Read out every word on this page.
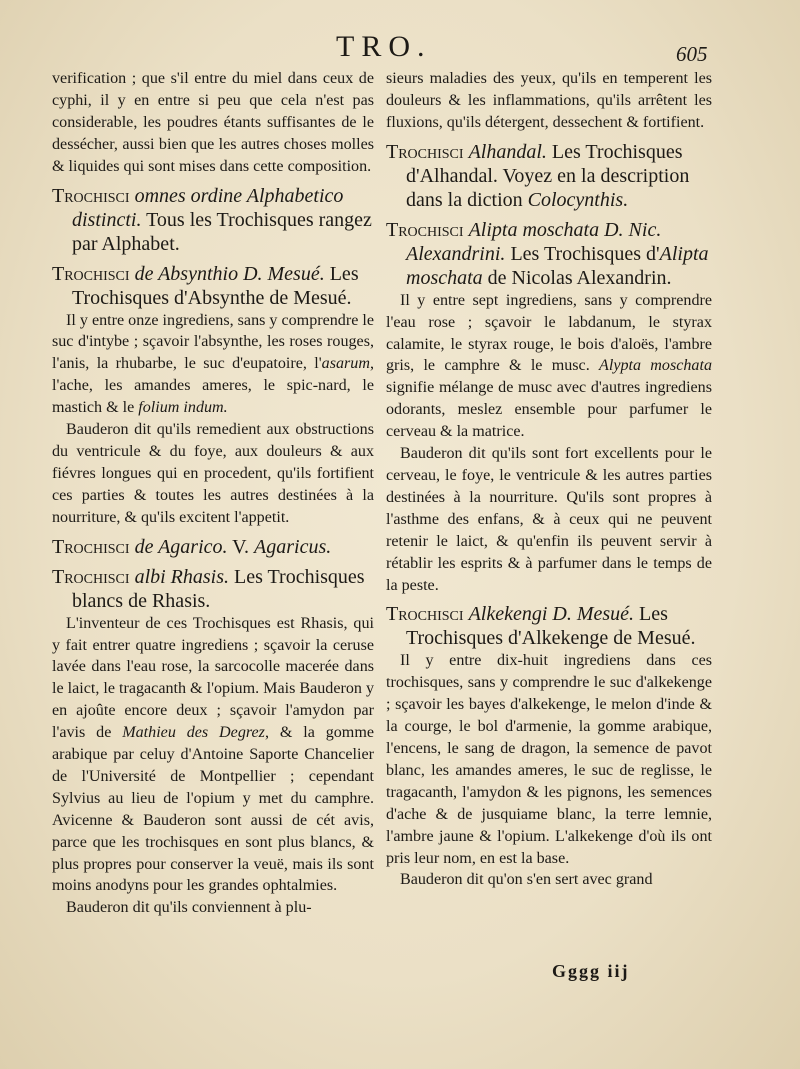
TRO.	605

verification ; que s'il entre du miel dans ceux de cyphi, il y en entre si peu que cela n'est pas considerable, les poudres étants suffisantes de le dessécher, aussi bien que les autres choses molles & liquides qui sont mises dans cette composition.

Trochisci omnes ordine Alphabetico distincti. Tous les Trochisques rangez par Alphabet.
Trochisci de Absynthio D. Mesué. Les Trochisques d'Absynthe de Mesué.

Il y entre onze ingrediens, sans y comprendre le suc d'intybe ; sçavoir l'absynthe, les roses rouges, l'anis, la rhubarbe, le suc d'eupatoire, l'asarum, l'ache, les amandes ameres, le spic-nard, le mastich & le folium indum.

Bauderon dit qu'ils remedient aux obstructions du ventricule & du foye, aux douleurs & aux fiévres longues qui en procedent, qu'ils fortifient ces parties & toutes les autres destinées à la nourriture, & qu'ils excitent l'appetit.

Trochisci de Agarico. V. Agaricus.
Trochisci albi Rhasis. Les Trochisques blancs de Rhasis.

L'inventeur de ces Trochisques est Rhasis, qui y fait entrer quatre ingrediens ; sçavoir la ceruse lavée dans l'eau rose, la sarcocolle macerée dans le laict, le tragacanth & l'opium. Mais Bauderon y en ajoûte encore deux ; sçavoir l'amydon par l'avis de Mathieu des Degrez, & la gomme arabique par celuy d'Antoine Saporte Chancelier de l'Université de Montpellier ; cependant Sylvius au lieu de l'opium y met du camphre. Avicenne & Bauderon sont aussi de cét avis, parce que les trochisques en sont plus blancs, & plus propres pour conserver la veuë, mais ils sont moins anodyns pour les grandes ophtalmies.

Bauderon dit qu'ils conviennent à plu-

sieurs maladies des yeux, qu'ils en temperent les douleurs & les inflammations, qu'ils arrêtent les fluxions, qu'ils détergent, dessechent & fortifient.

Trochisci Alhandal. Les Trochisques d'Alhandal. Voyez en la description dans la diction Colocynthis.
Trochisci Alipta moschata D. Nic. Alexandrini. Les Trochisques d'Alipta moschata de Nicolas Alexandrin.

Il y entre sept ingrediens, sans y comprendre l'eau rose ; sçavoir le labdanum, le styrax calamite, le styrax rouge, le bois d'aloës, l'ambre gris, le camphre & le musc. Alypta moschata signifie mélange de musc avec d'autres ingrediens odorants, meslez ensemble pour parfumer le cerveau & la matrice.

Bauderon dit qu'ils sont fort excellents pour le cerveau, le foye, le ventricule & les autres parties destinées à la nourriture. Qu'ils sont propres à l'asthme des enfans, & à ceux qui ne peuvent retenir le laict, & qu'enfin ils peuvent servir à rétablir les esprits & à parfumer dans le temps de la peste.

Trochisci Alkekengi D. Mesué. Les Trochisques d'Alkekenge de Mesué.

Il y entre dix-huit ingrediens dans ces trochisques, sans y comprendre le suc d'alkekenge ; sçavoir les bayes d'alkekenge, le melon d'inde & la courge, le bol d'armenie, la gomme arabique, l'encens, le sang de dragon, la semence de pavot blanc, les amandes ameres, le suc de reglisse, le tragacanth, l'amydon & les pignons, les semences d'ache & de jusquiame blanc, la terre lemnie, l'ambre jaune & l'opium. L'alkekenge d'où ils ont pris leur nom, en est la base.

Bauderon dit qu'on s'en sert avec grand

Gggg iij
